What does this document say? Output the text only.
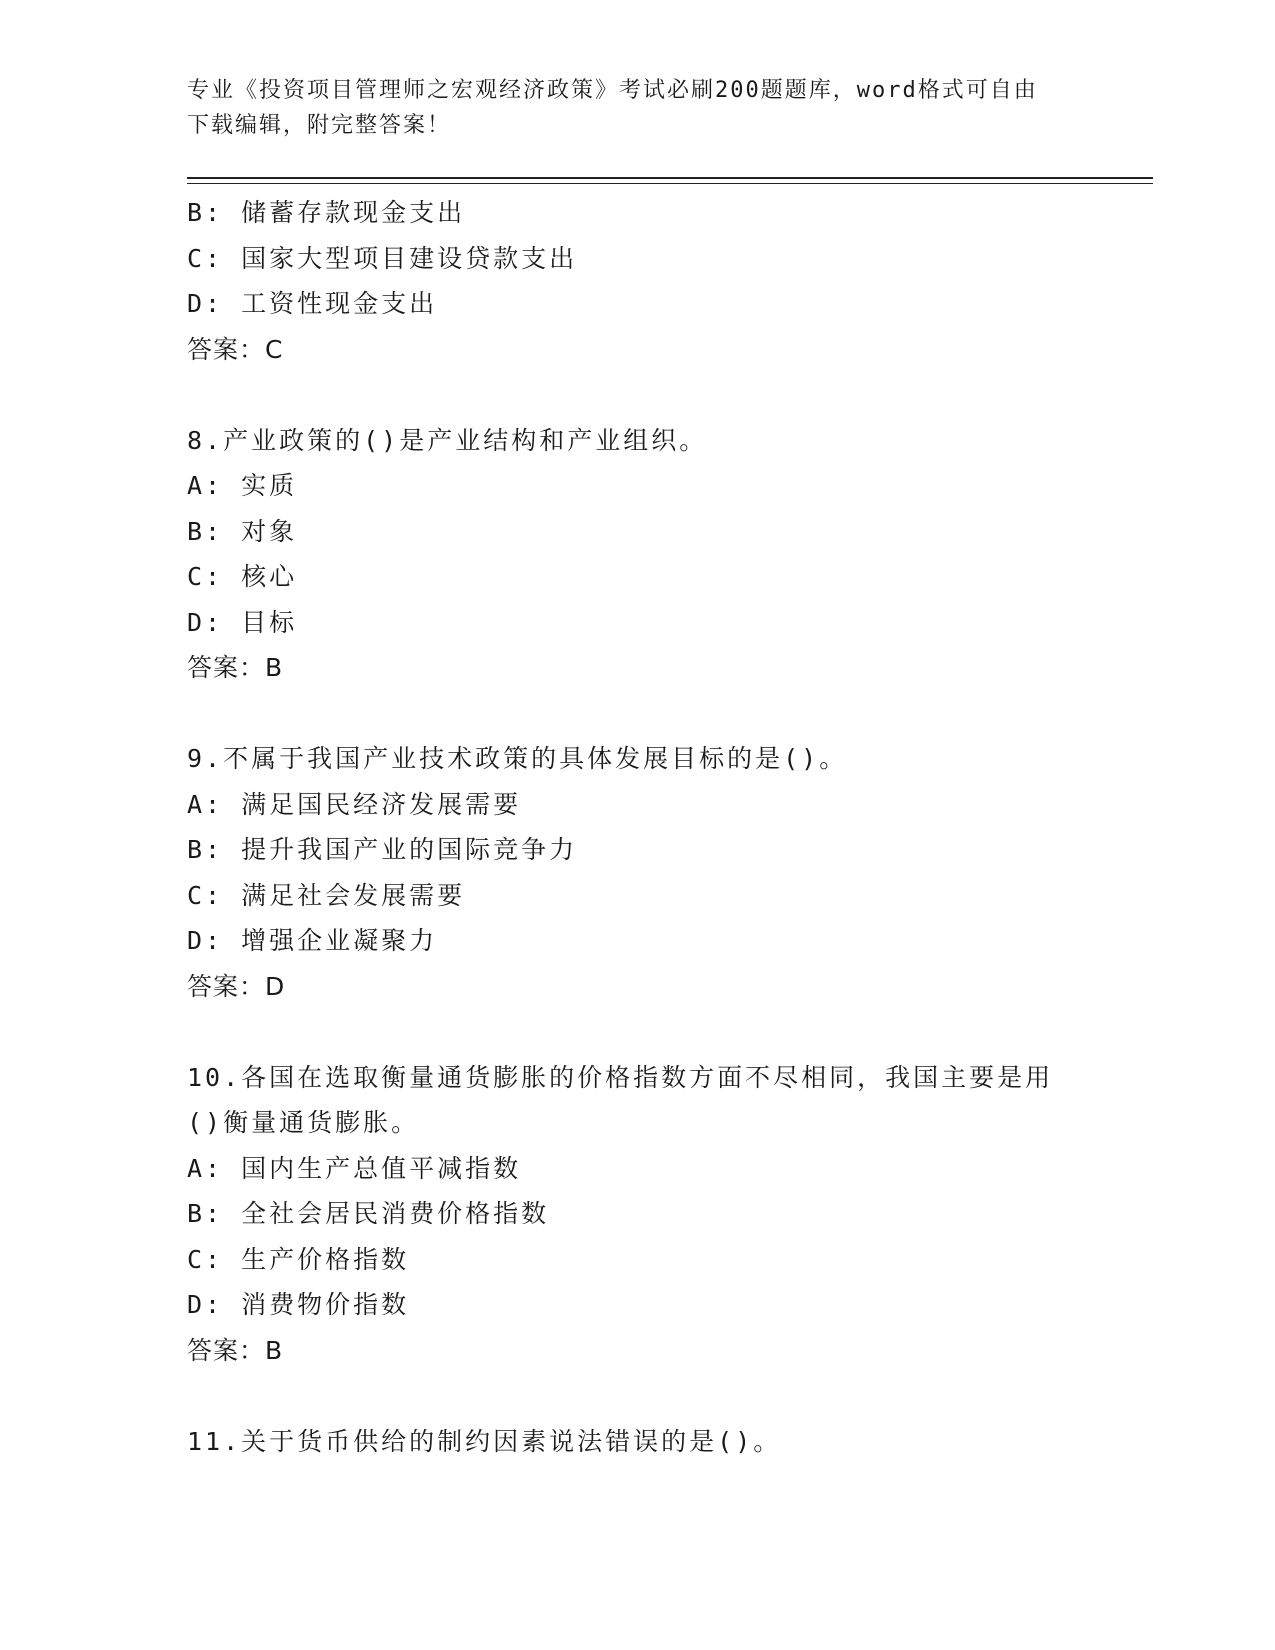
专业《投资项目管理师之宏观经济政策》考试必刷200题题库，word格式可自由
下载编辑，附完整答案！
B: 储蓄存款现金支出
C: 国家大型项目建设贷款支出
D: 工资性现金支出
答案：C
8.产业政策的()是产业结构和产业组织。
A: 实质
B: 对象
C: 核心
D: 目标
答案：B
9.不属于我国产业技术政策的具体发展目标的是()。
A: 满足国民经济发展需要
B: 提升我国产业的国际竞争力
C: 满足社会发展需要
D: 增强企业凝聚力
答案：D
10.各国在选取衡量通货膨胀的价格指数方面不尽相同，我国主要是用
()衡量通货膨胀。
A: 国内生产总值平减指数
B: 全社会居民消费价格指数
C: 生产价格指数
D: 消费物价指数
答案：B
11.关于货币供给的制约因素说法错误的是()。
